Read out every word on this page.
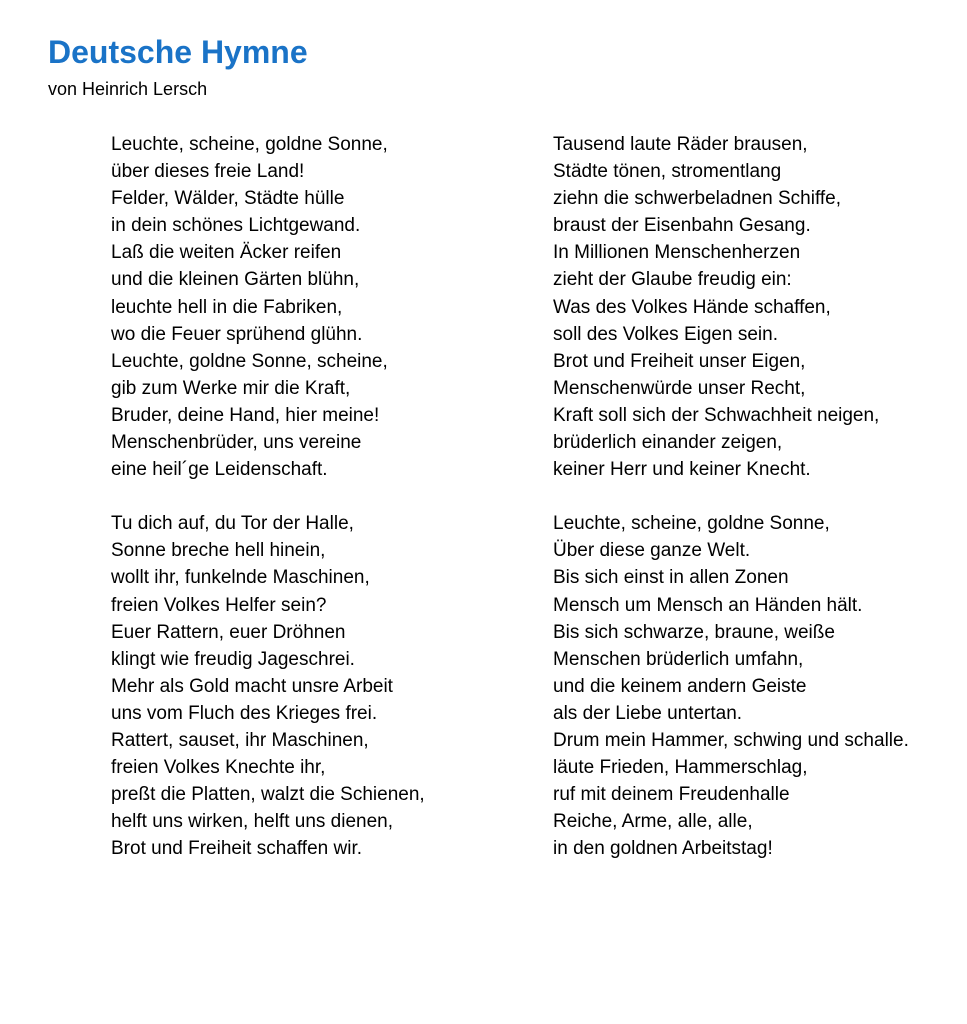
Deutsche Hymne

von Heinrich Lersch

Leuchte, scheine, goldne Sonne,
über dieses freie Land!
Felder, Wälder, Städte hülle
in dein schönes Lichtgewand.
Laß die weiten Äcker reifen
und die kleinen Gärten blühn,
leuchte hell in die Fabriken,
wo die Feuer sprühend glühn.
Leuchte, goldne Sonne, scheine,
gib zum Werke mir die Kraft,
Bruder, deine Hand, hier meine!
Menschenbrüder, uns vereine
eine heil´ge Leidenschaft.
Tu dich auf, du Tor der Halle,
Sonne breche hell hinein,
wollt ihr, funkelnde Maschinen,
freien Volkes Helfer sein?
Euer Rattern, euer Dröhnen
klingt wie freudig Jageschrei.
Mehr als Gold macht unsre Arbeit
uns vom Fluch des Krieges frei.
Rattert, sauset, ihr Maschinen,
freien Volkes Knechte ihr,
preßt die Platten, walzt die Schienen,
helft uns wirken, helft uns dienen,
Brot und Freiheit schaffen wir.
Tausend laute Räder brausen,
Städte tönen, stromentlang
ziehn die schwerbeladnen Schiffe,
braust der Eisenbahn Gesang.
In Millionen Menschenherzen
zieht der Glaube freudig ein:
Was des Volkes Hände schaffen,
soll des Volkes Eigen sein.
Brot und Freiheit unser Eigen,
Menschenwürde unser Recht,
Kraft soll sich der Schwachheit neigen,
brüderlich einander zeigen,
keiner Herr und keiner Knecht.
Leuchte, scheine, goldne Sonne,
Über diese ganze Welt.
Bis sich einst in allen Zonen
Mensch um Mensch an Händen hält.
Bis sich schwarze, braune, weiße
Menschen brüderlich umfahn,
und die keinem andern Geiste
als der Liebe untertan.
Drum mein Hammer, schwing und schalle.
läute Frieden, Hammerschlag,
ruf mit deinem Freudenhalle
Reiche, Arme, alle, alle,
in den goldnen Arbeitstag!
